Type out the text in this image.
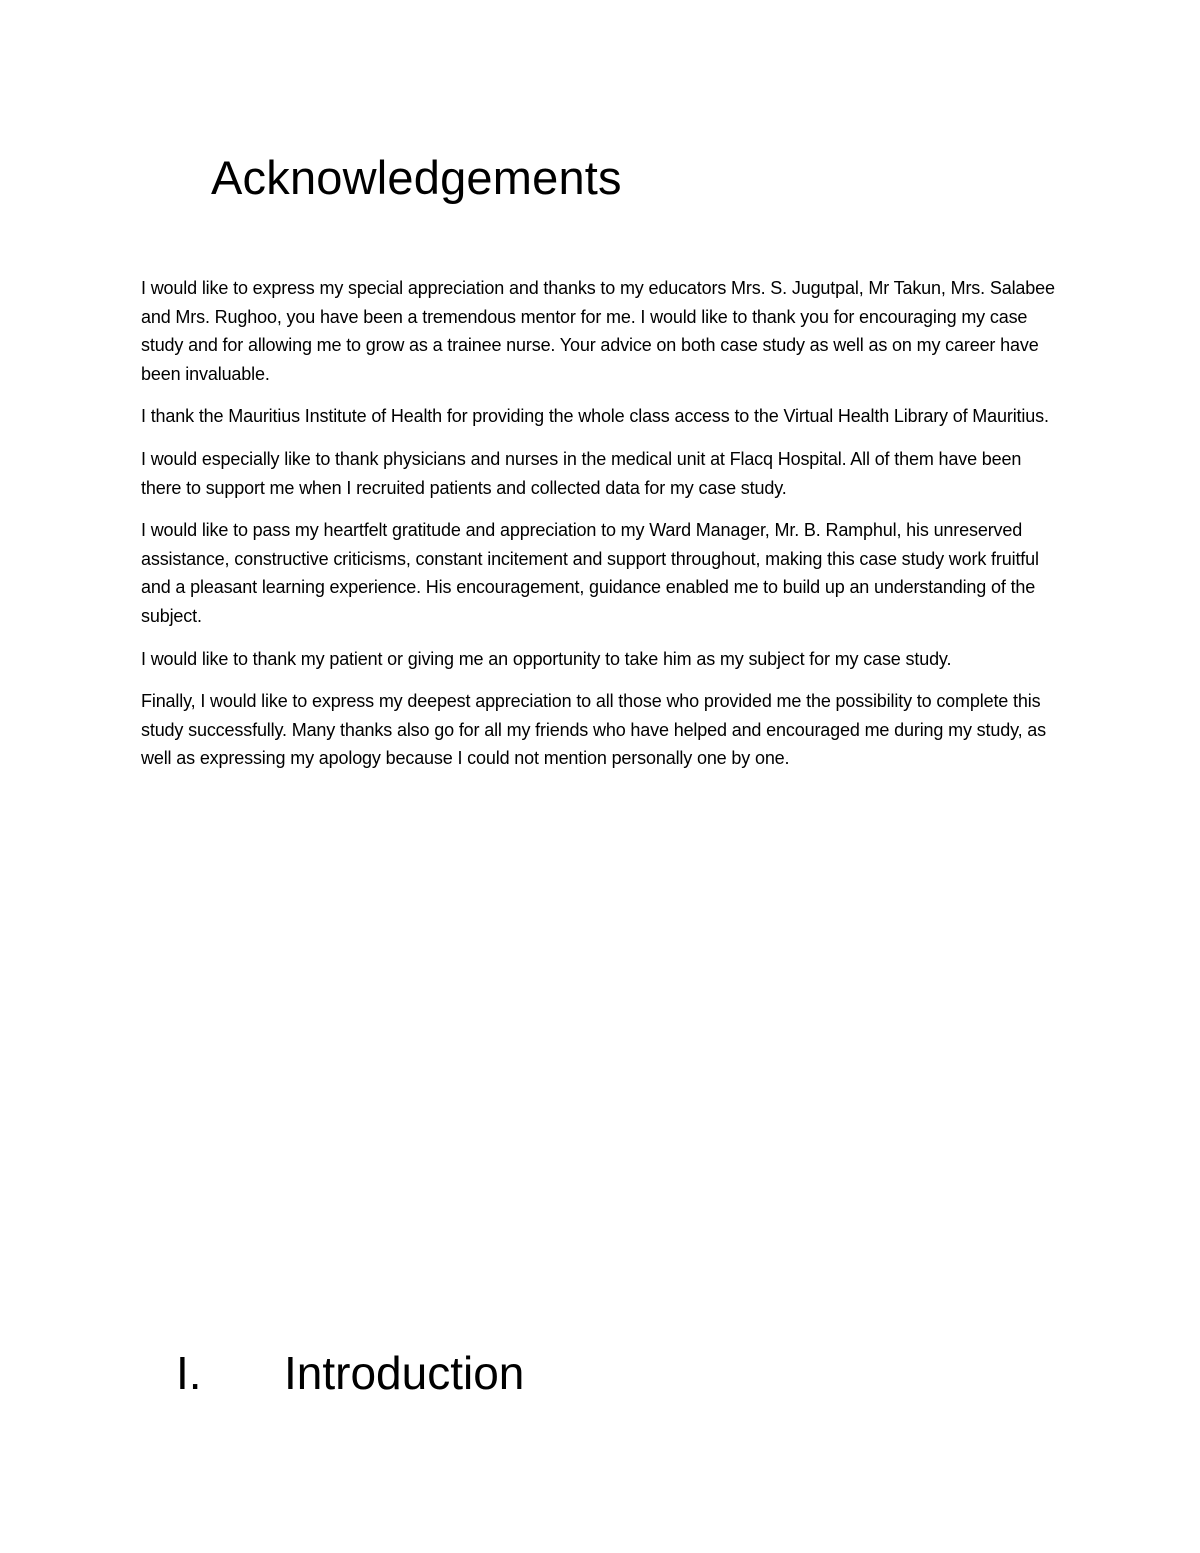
Acknowledgements

I would like to express my special appreciation and thanks to my educators Mrs. S. Jugutpal, Mr Takun, Mrs. Salabee and Mrs. Rughoo, you have been a tremendous mentor for me. I would like to thank you for encouraging my case study and for allowing me to grow as a trainee nurse. Your advice on both case study as well as on my career have been invaluable.

I thank the Mauritius Institute of Health for providing the whole class access to the Virtual Health Library of Mauritius.

I would especially like to thank physicians and nurses in the medical unit at Flacq Hospital. All of them have been there to support me when I recruited patients and collected data for my case study.

I would like to pass my heartfelt gratitude and appreciation to my Ward Manager, Mr. B. Ramphul, his unreserved assistance, constructive criticisms, constant incitement and support throughout, making this case study work fruitful and a pleasant learning experience. His encouragement, guidance enabled me to build up an understanding of the subject.

I would like to thank my patient or giving me an opportunity to take him as my subject for my case study.

Finally, I would like to express my deepest appreciation to all those who provided me the possibility to complete this study successfully. Many thanks also go for all my friends who have helped and encouraged me during my study, as well as expressing my apology because I could not mention personally one by one.

I. Introduction
